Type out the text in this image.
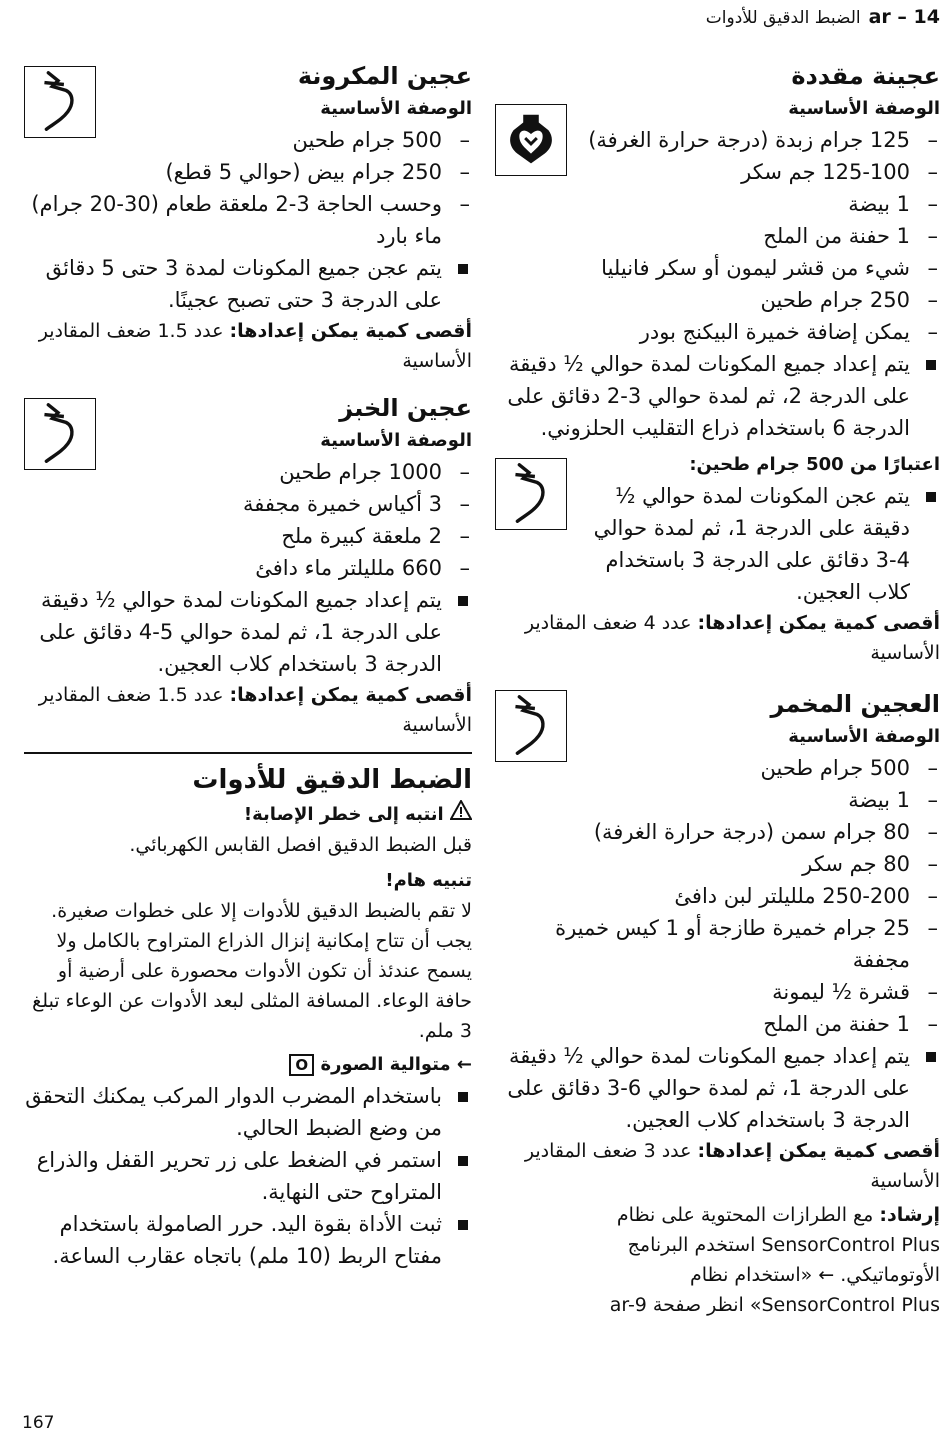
14 – ar
الضبط الدقيق للأدوات
عجينة مقددة
الوصفة الأساسية
– 125 جرام زبدة (درجة حرارة الغرفة)
– 125-100 جم سكر
– 1 بيضة
– 1 حفنة من الملح
– شيء من قشر ليمون أو سكر فانيليا
– 250 جرام طحين
– يمكن إضافة خميرة البيكنج بودر
يتم إعداد جميع المكونات لمدة حوالي ½ دقيقة على الدرجة 2، ثم لمدة حوالي 3-2 دقائق على الدرجة 6 باستخدام ذراع التقليب الحلزوني.
اعتبارًا من 500 جرام طحين:
يتم عجن المكونات لمدة حوالي ½ دقيقة على الدرجة 1، ثم لمدة حوالي 4-3 دقائق على الدرجة 3 باستخدام كلاب العجين.
أقصى كمية يمكن إعدادها: عدد 4 ضعف المقادير الأساسية
العجين المخمر
الوصفة الأساسية
– 500 جرام طحين
– 1 بيضة
– 80 جرام سمن (درجة حرارة الغرفة)
– 80 جم سكر
– 250-200 ملليلتر لبن دافئ
– 25 جرام خميرة طازجة أو 1 كيس خميرة مجففة
– قشرة ½ ليمونة
– 1 حفنة من الملح
يتم إعداد جميع المكونات لمدة حوالي ½ دقيقة على الدرجة 1، ثم لمدة حوالي 6-3 دقائق على الدرجة 3 باستخدام كلاب العجين.
أقصى كمية يمكن إعدادها: عدد 3 ضعف المقادير الأساسية
إرشاد: مع الطرازات المحتوية على نظام SensorControl Plus استخدم البرنامج الأوتوماتيكي. ← «استخدام نظام SensorControl Plus» انظر صفحة ar-9
عجين المكرونة
الوصفة الأساسية
– 500 جرام طحين
– 250 جرام بيض (حوالي 5 قطع)
– وحسب الحاجة 3-2 ملعقة طعام (30-20 جرام) ماء بارد
يتم عجن جميع المكونات لمدة 3 حتى 5 دقائق على الدرجة 3 حتى تصبح عجينًا.
أقصى كمية يمكن إعدادها: عدد 1.5 ضعف المقادير الأساسية
عجين الخبز
الوصفة الأساسية
– 1000 جرام طحين
– 3 أكياس خميرة مجففة
– 2 ملعقة كبيرة ملح
– 660 ملليلتر ماء دافئ
يتم إعداد جميع المكونات لمدة حوالي ½ دقيقة على الدرجة 1، ثم لمدة حوالي 5-4 دقائق على الدرجة 3 باستخدام كلاب العجين.
أقصى كمية يمكن إعدادها: عدد 1.5 ضعف المقادير الأساسية
الضبط الدقيق للأدوات
انتبه إلى خطر الإصابة!
قبل الضبط الدقيق افصل القابس الكهربائي.
تنبيه هام!
لا تقم بالضبط الدقيق للأدوات إلا على خطوات صغيرة. يجب أن تتاح إمكانية إنزال الذراع المتراوح بالكامل ولا يسمح عندئذ أن تكون الأدوات محصورة على أرضية أو حافة الوعاء. المسافة المثلى لبعد الأدوات عن الوعاء تبلغ 3 ملم.
← متوالية الصورة O
باستخدام المضرب الدوار المركب يمكنك التحقق من وضع الضبط الحالي.
استمر في الضغط على زر تحرير القفل والذراع المتراوح حتى النهاية.
ثبت الأداة بقوة اليد. حرر الصامولة باستخدام مفتاح الربط (10 ملم) باتجاه عقارب الساعة.
167
